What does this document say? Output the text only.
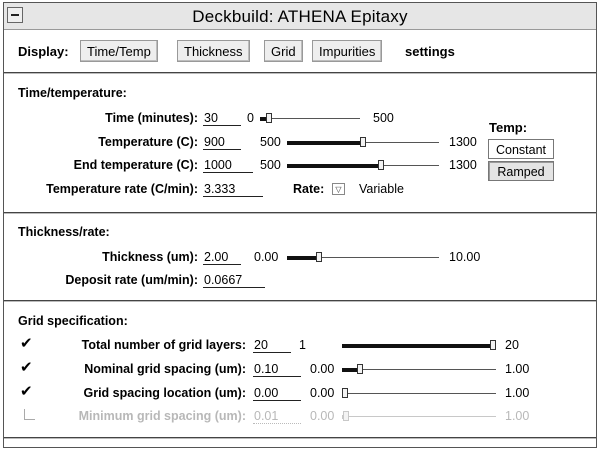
Deckbuild: ATHENA Epitaxy
Display:	Time/Temp	Thickness	Grid	Impurities	settings
Time/temperature:
Time (minutes): 30	0	500
Temperature (C): 900	500	1300
End temperature (C): 1000	500	1300
Temperature rate (C/min): 3.333	Rate:	▽ Variable
Temp:
Constant
Ramped
Thickness/rate:
Thickness (um): 2.00	0.00	10.00
Deposit rate (um/min): 0.0667
Grid specification:
✔	Total number of grid layers: 20	1	20
✔	Nominal grid spacing (um): 0.10	0.00	1.00
✔	Grid spacing location (um): 0.00	0.00	1.00
Minimum grid spacing (um): 0.01	0.00	1.00
